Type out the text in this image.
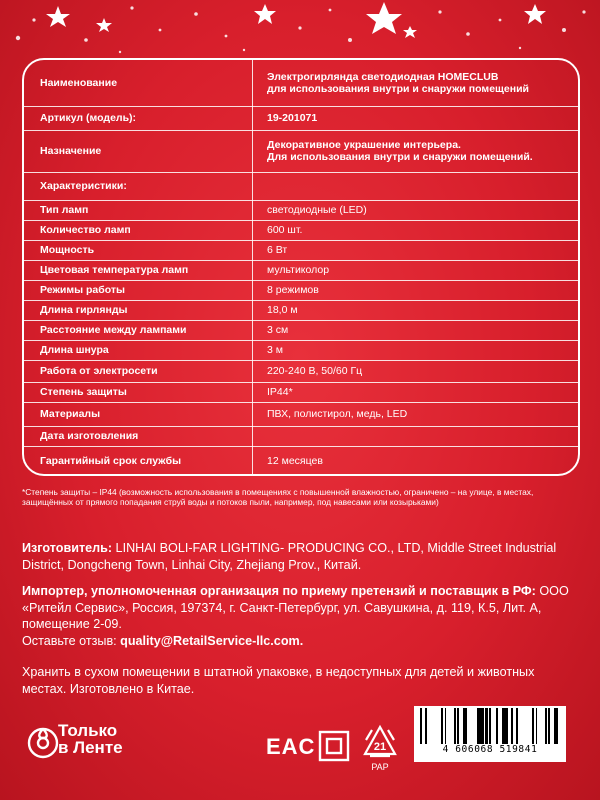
Наименование	Электрогирлянда светодиодная HOMECLUB
для использования внутри и снаружи помещений
Артикул (модель):	19-201071
Назначение	Декоративное украшение интерьера.
Для использования внутри и снаружи помещений.
Характеристики:	
Тип ламп	светодиодные (LED)
Количество ламп	600 шт.
Мощность	6 Вт
Цветовая температура ламп	мультиколор
Режимы работы	8 режимов
Длина гирлянды	18,0 м
Расстояние между лампами	3 см
Длина шнура	3 м
Работа от электросети	220-240 В, 50/60 Гц
Степень защиты	IP44*
Материалы	ПВХ, полистирол, медь, LED
Дата изготовления	
Гарантийный срок службы	12 месяцев
*Степень защиты – IP44 (возможность использования в помещениях с повышенной влажностью, ограничено – на улице, в местах, защищённых от прямого попадания струй воды и потоков пыли, например, под навесами или козырьками)
Изготовитель: LINHAI BOLI-FAR LIGHTING- PRODUCING CO., LTD, Middle Street Industrial District, Dongcheng Town, Linhai City, Zhejiang Prov., Китай.
Импортер, уполномоченная организация по приему претензий и поставщик в РФ: ООО «Ритейл Сервис», Россия, 197374, г. Санкт-Петербург, ул. Савушкина, д. 119, К.5, Лит. А, помещение 2-09.
Оставьте отзыв: quality@RetailService-llc.com.
Хранить в сухом помещении в штатной упаковке, в недоступных для детей и животных местах. Изготовлено в Китае.
Только
в Ленте	EAC	21
PAP
4 606068 519841
